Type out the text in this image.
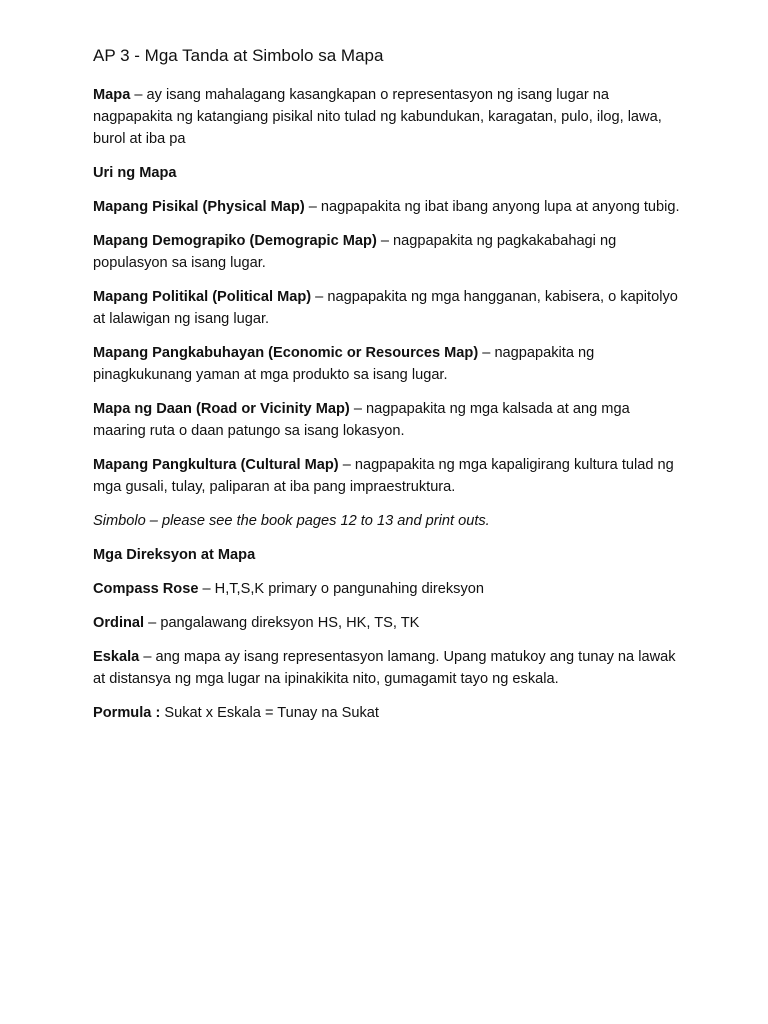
AP 3 - Mga Tanda at Simbolo sa Mapa

Mapa – ay isang mahalagang kasangkapan o representasyon ng isang lugar na nagpapakita ng katangiang pisikal nito tulad ng kabundukan, karagatan, pulo, ilog, lawa, burol at iba pa

Uri ng Mapa

Mapang Pisikal (Physical Map) – nagpapakita ng ibat ibang anyong lupa at anyong tubig.

Mapang Demograpiko (Demograpic Map) – nagpapakita ng pagkakabahagi ng populasyon sa isang lugar.

Mapang Politikal (Political Map) – nagpapakita ng mga hangganan, kabisera, o kapitolyo at lalawigan ng isang lugar.

Mapang Pangkabuhayan (Economic or Resources Map) – nagpapakita ng pinagkukunang yaman at mga produkto sa isang lugar.

Mapa ng Daan (Road or Vicinity Map) – nagpapakita ng mga kalsada at ang mga maaring ruta o daan patungo sa isang lokasyon.

Mapang Pangkultura (Cultural Map) – nagpapakita ng mga kapaligirang kultura tulad ng mga gusali, tulay, paliparan at iba pang impraestruktura.

Simbolo – please see the book pages 12 to 13 and print outs.

Mga Direksyon at Mapa

Compass Rose – H,T,S,K primary o pangunahing direksyon

Ordinal – pangalawang direksyon HS, HK, TS, TK

Eskala – ang mapa ay isang representasyon lamang. Upang matukoy ang tunay na lawak at distansya ng mga lugar na ipinakikita nito, gumagamit tayo ng eskala.

Pormula : Sukat x Eskala = Tunay na Sukat
